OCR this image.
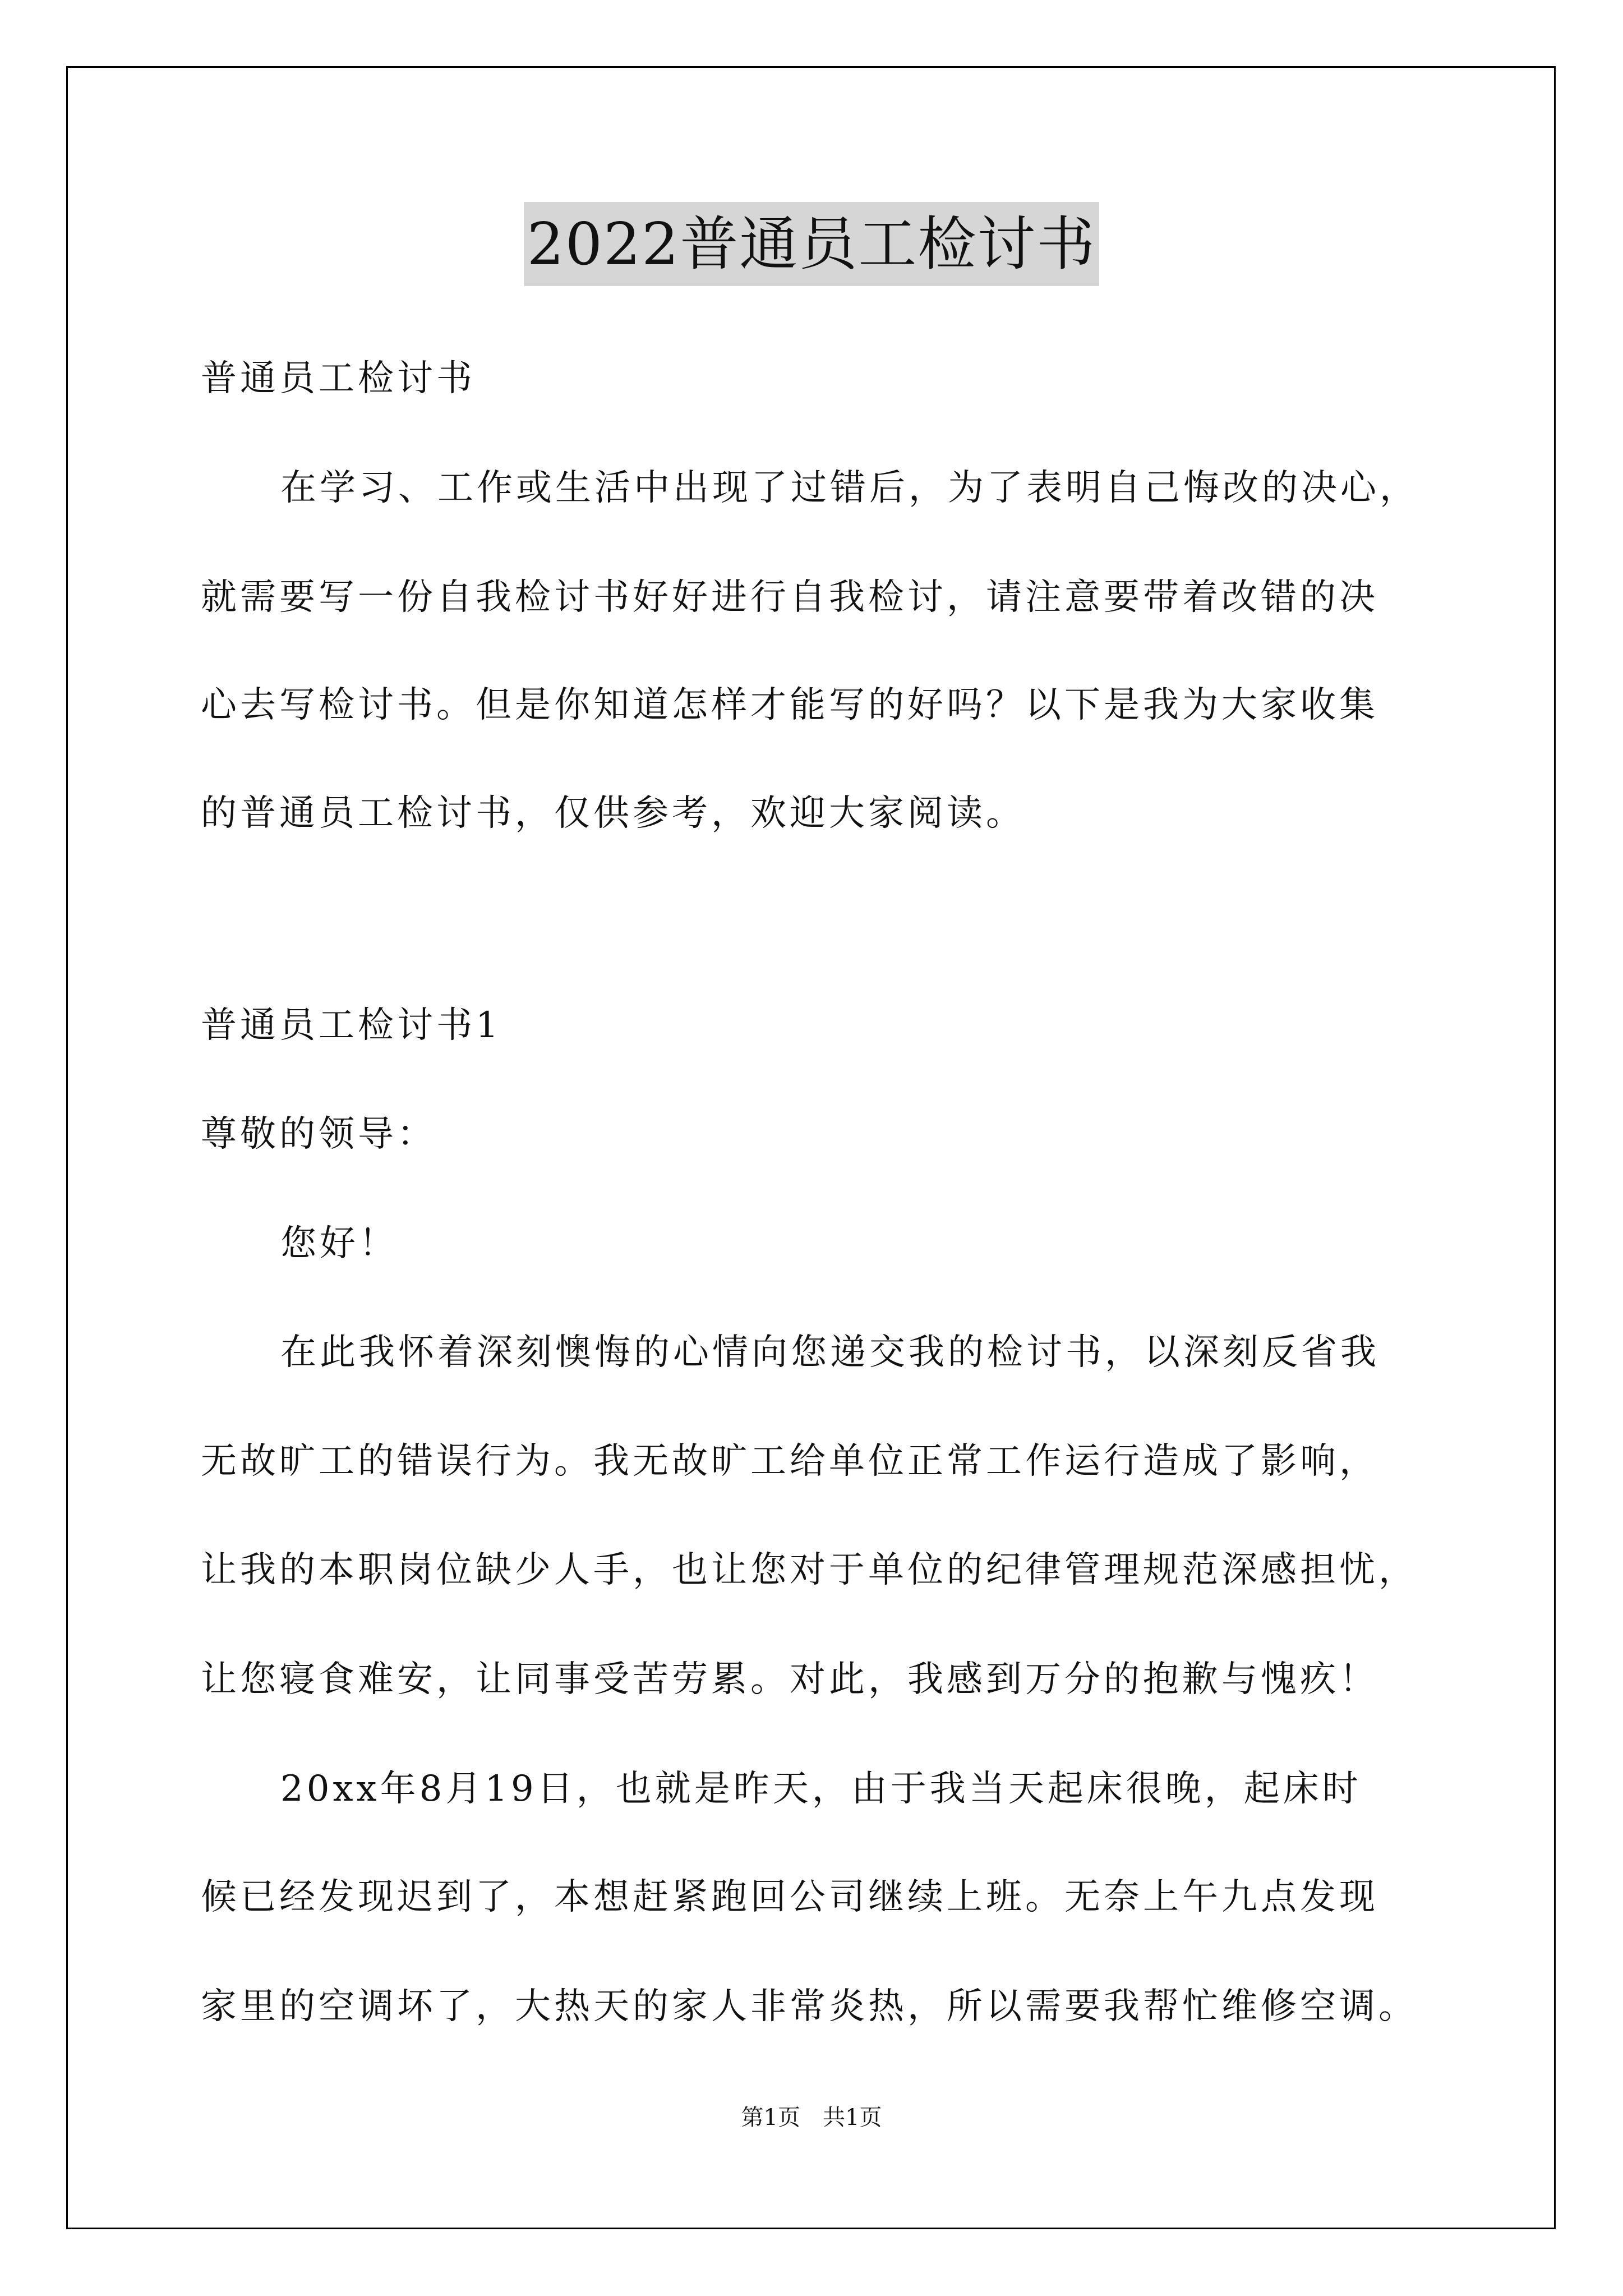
2022普通员工检讨书
普通员工检讨书
在学习、工作或生活中出现了过错后，为了表明自己悔改的决心，
就需要写一份自我检讨书好好进行自我检讨，请注意要带着改错的决
心去写检讨书。但是你知道怎样才能写的好吗？以下是我为大家收集
的普通员工检讨书，仅供参考，欢迎大家阅读。
普通员工检讨书1
尊敬的领导：
您好！
在此我怀着深刻懊悔的心情向您递交我的检讨书，以深刻反省我
无故旷工的错误行为。我无故旷工给单位正常工作运行造成了影响，
让我的本职岗位缺少人手，也让您对于单位的纪律管理规范深感担忧，
让您寝食难安，让同事受苦劳累。对此，我感到万分的抱歉与愧疚！
20xx年8月19日，也就是昨天，由于我当天起床很晚，起床时
候已经发现迟到了，本想赶紧跑回公司继续上班。无奈上午九点发现
家里的空调坏了，大热天的家人非常炎热，所以需要我帮忙维修空调。
第1页　共1页
